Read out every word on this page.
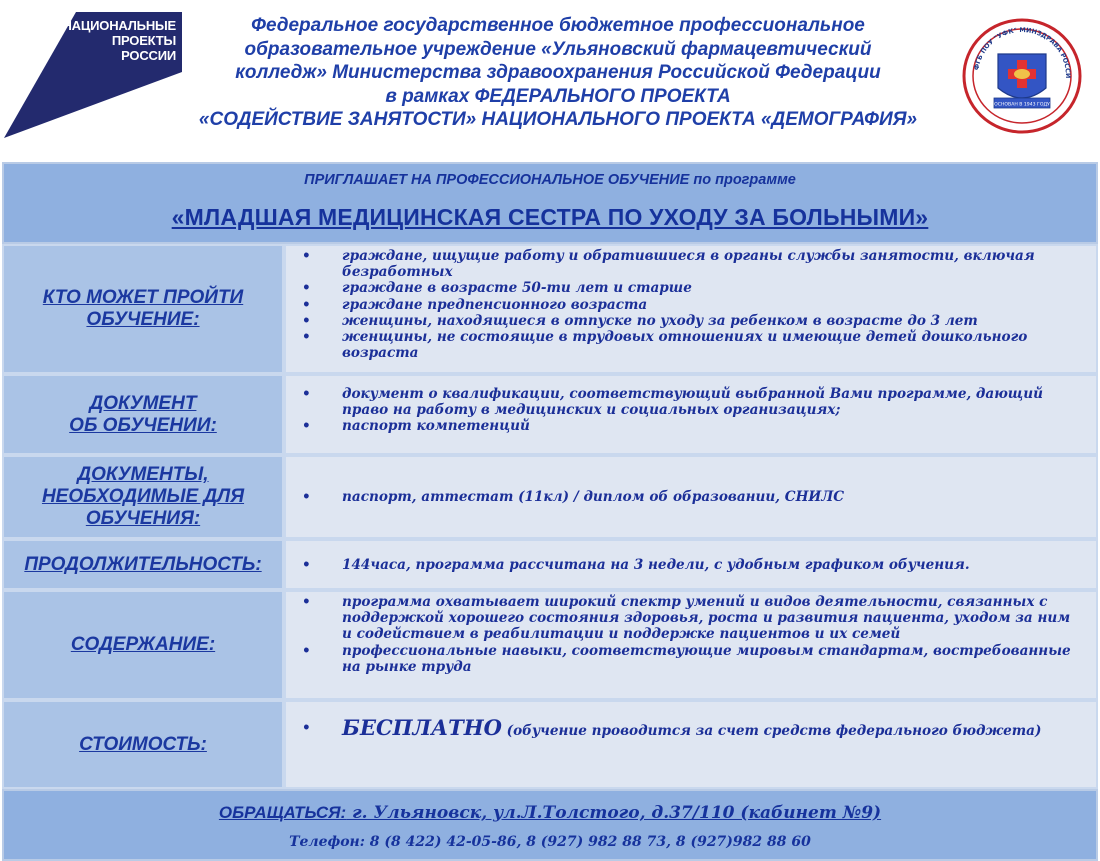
НАЦИОНАЛЬНЫЕ
ПРОЕКТЫ
РОССИИ
Федеральное государственное бюджетное профессиональное
образовательное учреждение «Ульяновский фармацевтический
колледж» Министерства здравоохранения Российской Федерации
в рамках ФЕДЕРАЛЬНОГО ПРОЕКТА
«СОДЕЙСТВИЕ ЗАНЯТОСТИ» НАЦИОНАЛЬНОГО ПРОЕКТА «ДЕМОГРАФИЯ»
ФГБ ПОУ "УФК" МИНЗДРАВА РОССИ
ОСНОВАН В 1943 ГОДУ
ПРИГЛАШАЕТ НА ПРОФЕССИОНАЛЬНОЕ ОБУЧЕНИЕ по программе
«МЛАДШАЯ МЕДИЦИНСКАЯ СЕСТРА ПО УХОДУ ЗА БОЛЬНЫМИ»
КТО МОЖЕТ ПРОЙТИ
ОБУЧЕНИЕ:
• граждане, ищущие работу и обратившиеся в органы службы занятости, включая безработных
• граждане в возрасте 50-ти лет и старше
• граждане предпенсионного возраста
• женщины, находящиеся в отпуске по уходу за ребенком в возрасте до 3 лет
• женщины, не состоящие в трудовых отношениях и имеющие детей дошкольного возраста
ДОКУМЕНТ
ОБ ОБУЧЕНИИ:
• документ о квалификации, соответствующий выбранной Вами программе, дающий право на работу в медицинских и социальных организациях;
• паспорт компетенций
ДОКУМЕНТЫ,
НЕОБХОДИМЫЕ ДЛЯ
ОБУЧЕНИЯ:
• паспорт, аттестат (11кл) / диплом об образовании, СНИЛС
ПРОДОЛЖИТЕЛЬНОСТЬ:
•	144часа, программа рассчитана на 3 недели, с удобным графиком обучения.
СОДЕРЖАНИЕ:
• программа охватывает широкий спектр умений и видов деятельности, связанных с поддержкой хорошего состояния здоровья, роста и развития пациента, уходом за ним и содействием в реабилитации и поддержке пациентов и их семей
• профессиональные навыки, соответствующие мировым стандартам, востребованные на рынке труда
СТОИМОСТЬ:
• БЕСПЛАТНО (обучение проводится за счет средств федерального бюджета)
ОБРАЩАТЬСЯ: г. Ульяновск, ул.Л.Толстого, д.37/110 (кабинет №9)
Телефон: 8 (8 422) 42-05-86, 8 (927) 982 88 73, 8 (927)982 88 60
